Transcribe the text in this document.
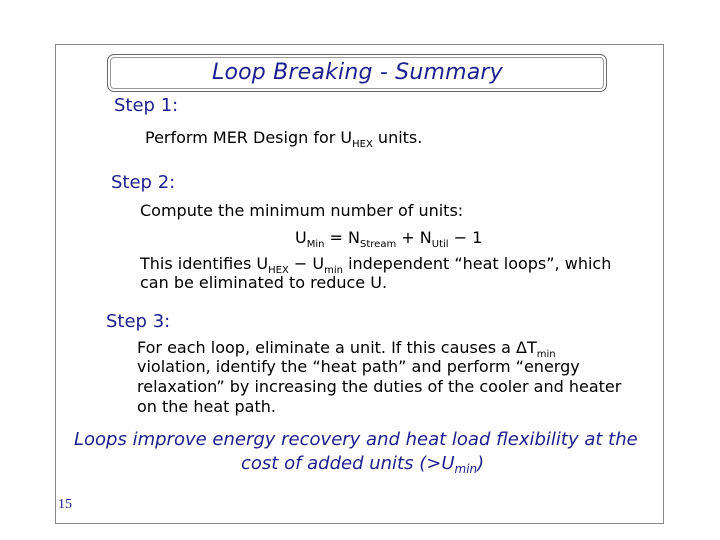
Loop Breaking - Summary
Step 1:
Perform MER Design for $U_{HEX}$ units.
Step 2:
Compute the minimum number of units:
$U_{Min} = N_{Stream} + N_{Util} - 1$
This identifies $U_{HEX} - U_{min}$ independent “heat loops”, which
can be eliminated to reduce U.
Step 3:
For each loop, eliminate a unit. If this causes a $\Delta T_{min}$
violation, identify the “heat path” and perform “energy
relaxation” by increasing the duties of the cooler and heater
on the heat path.
Loops improve energy recovery and heat load flexibility at the
cost of added units $(>U_{min})$
15
